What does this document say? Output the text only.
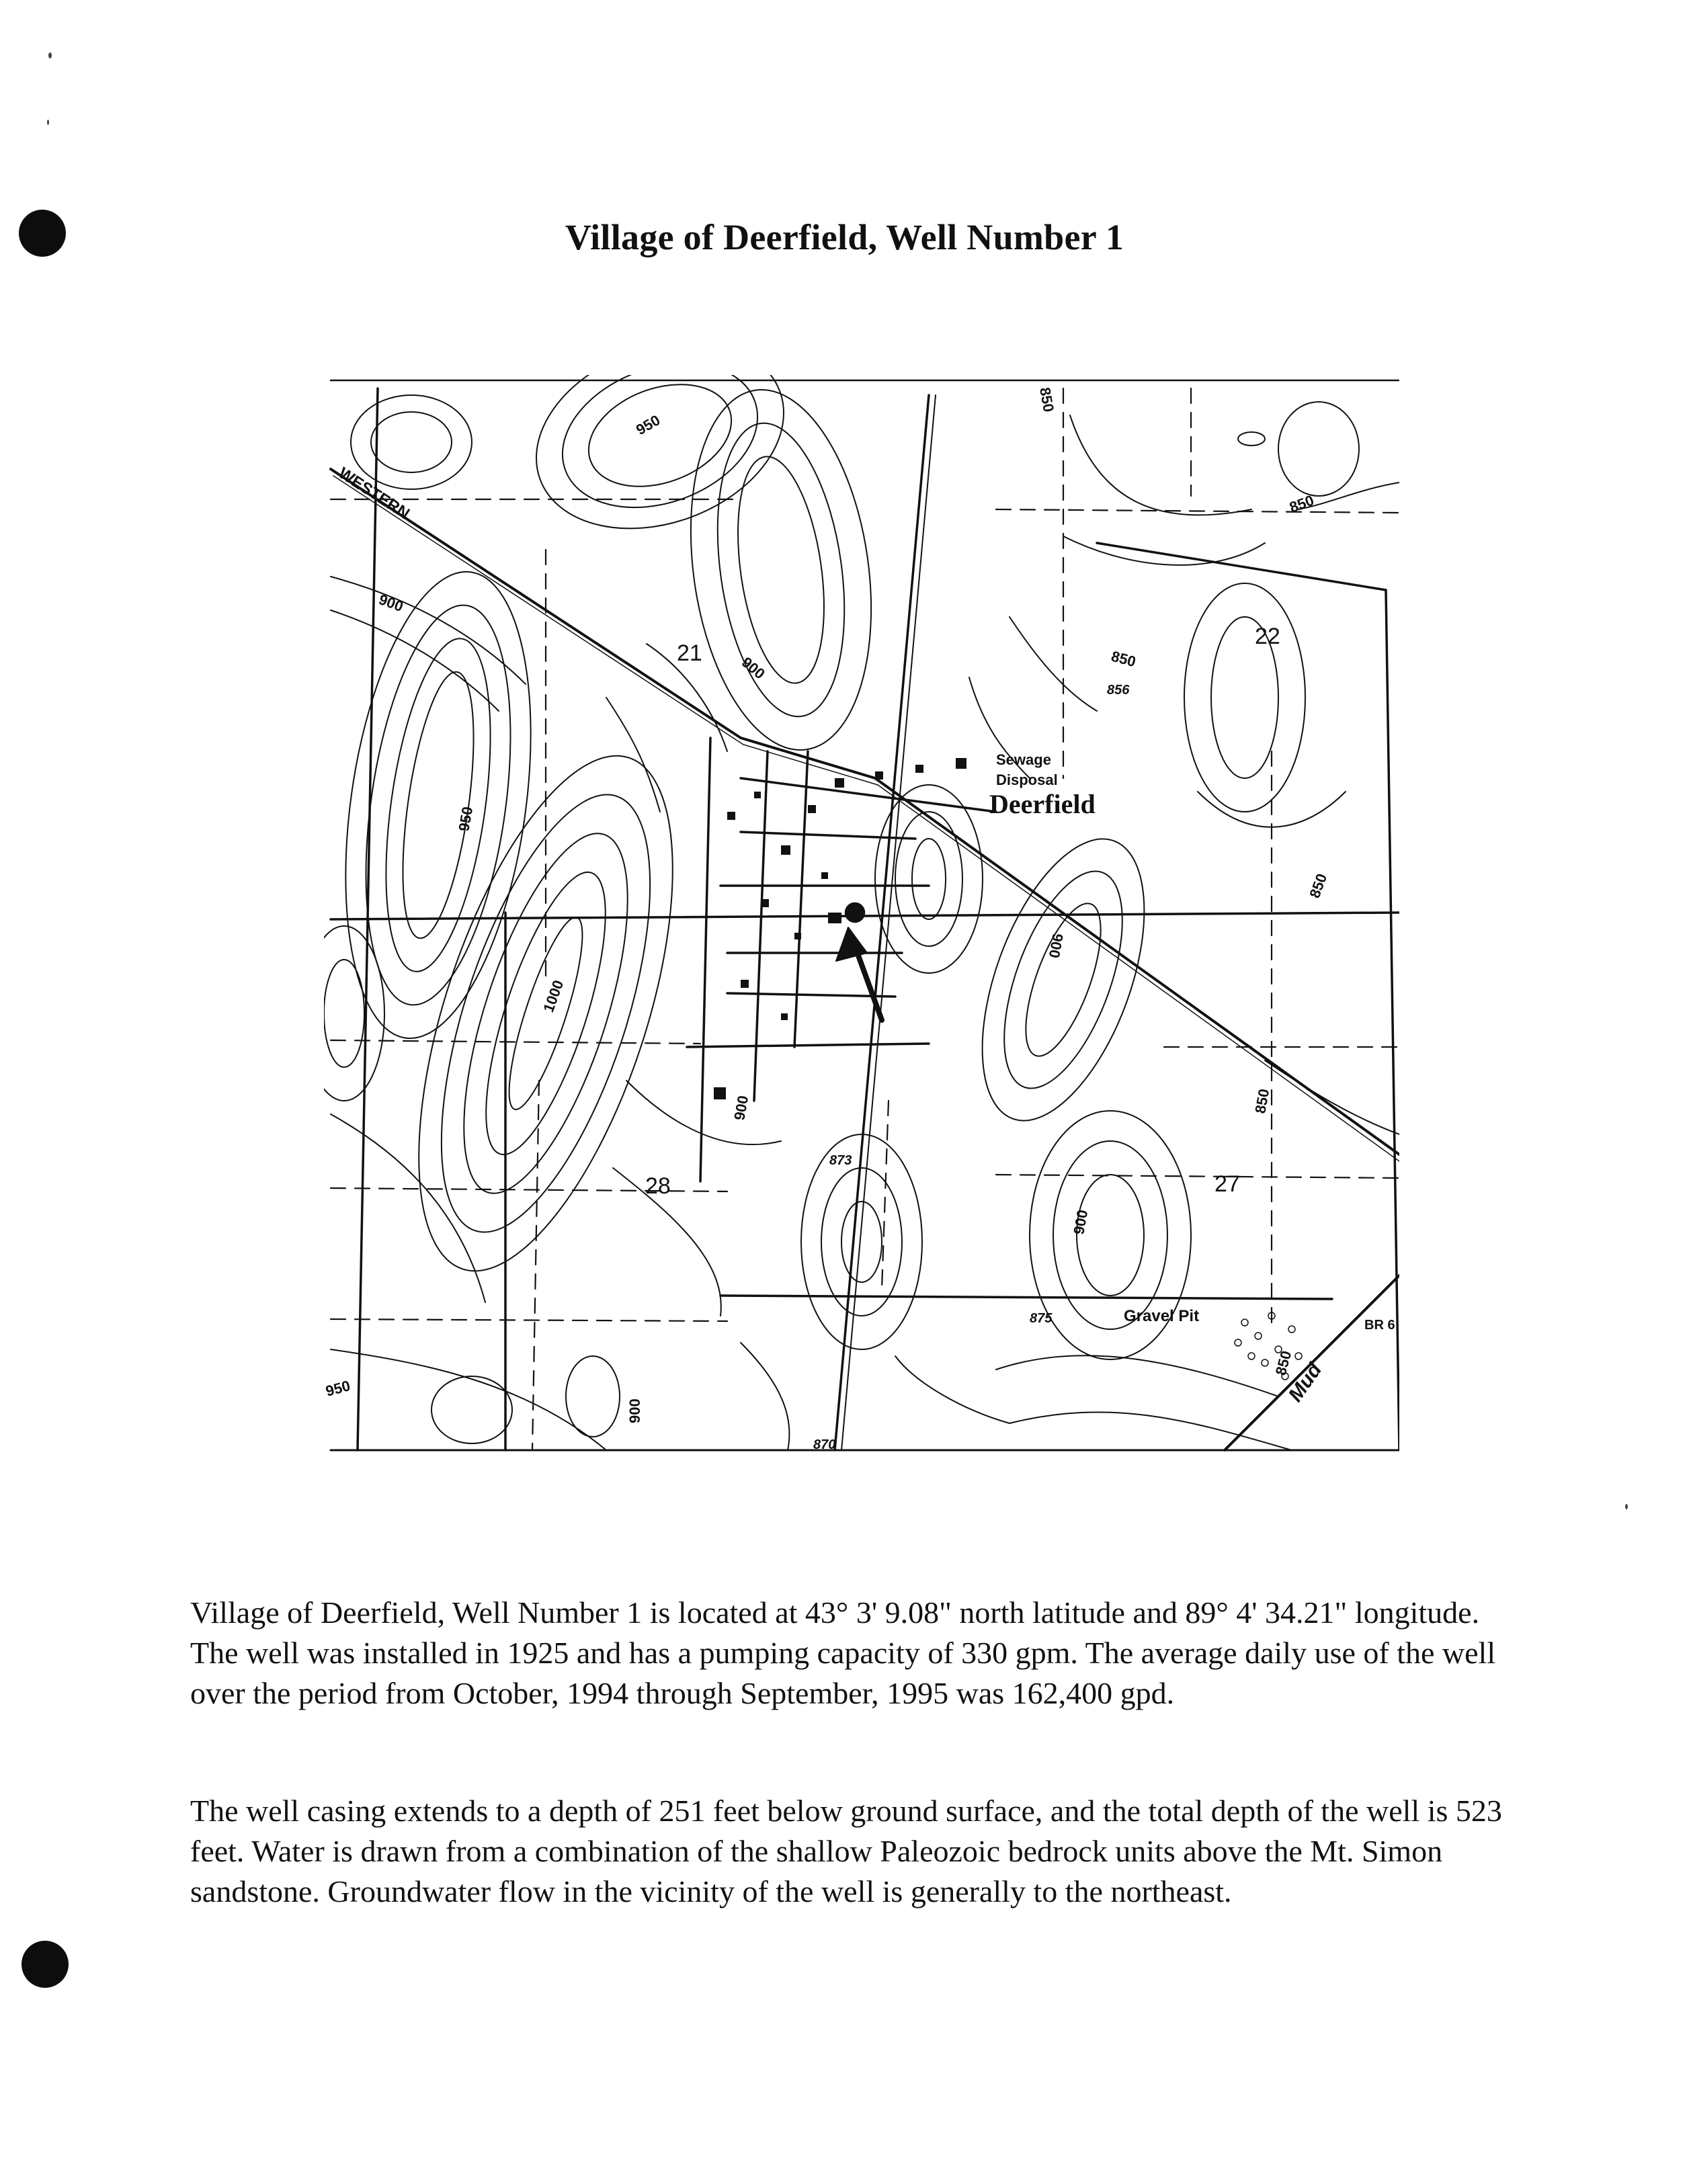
Village of Deerfield, Well Number 1
WESTERN
Sewage
Disposal
Deerfield
Gravel Pit
Mud
BR 6
21
22
27
28
950
950
950
900
900
900
900
900
900
1000
850
850
850
850
850
850
856
875
870
873

Village of Deerfield, Well Number 1 is located at 43° 3' 9.08" north latitude and 89° 4' 34.21" longitude. The well was installed in 1925 and has a pumping capacity of 330 gpm. The average daily use of the well over the period from October, 1994 through September, 1995 was 162,400 gpd.

The well casing extends to a depth of 251 feet below ground surface, and the total depth of the well is 523 feet. Water is drawn from a combination of the shallow Paleozoic bedrock units above the Mt. Simon sandstone. Groundwater flow in the vicinity of the well is generally to the northeast.
